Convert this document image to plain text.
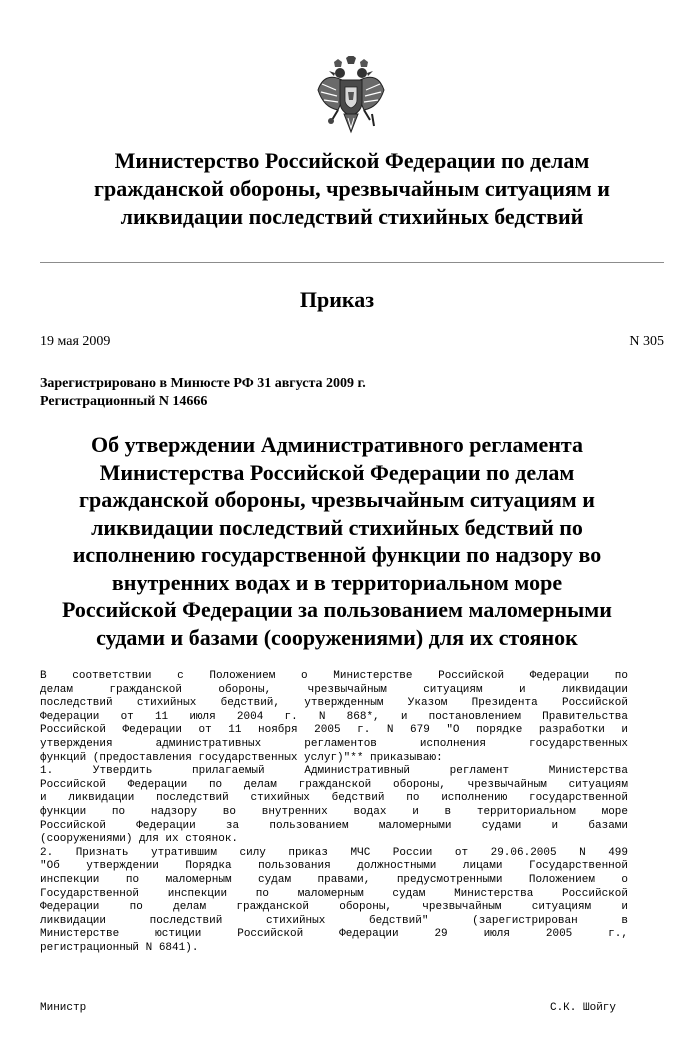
Министерство Российской Федерации по делам
гражданской обороны, чрезвычайным ситуациям и
ликвидации последствий стихийных бедствий
Приказ
19 мая 2009	N 305
Зарегистрировано в Минюсте РФ 31 августа 2009 г.
Регистрационный N 14666
Об утверждении Административного регламента
Министерства Российской Федерации по делам
гражданской обороны, чрезвычайным ситуациям и
ликвидации последствий стихийных бедствий по
исполнению государственной функции по надзору во
внутренних водах и в территориальном море
Российской Федерации за пользованием маломерными
судами и базами (сооружениями) для их стоянок
В соответствии с Положением о Министерстве Российской Федерации по
делам гражданской обороны, чрезвычайным ситуациям и ликвидации
последствий стихийных бедствий, утвержденным Указом Президента Российской
Федерации от 11 июля 2004 г. N 868*, и постановлением Правительства
Российской Федерации от 11 ноября 2005 г. N 679 "О порядке разработки и
утверждения административных регламентов исполнения государственных
функций (предоставления государственных услуг)"** приказываю:
1. Утвердить прилагаемый Административный регламент Министерства
Российской Федерации по делам гражданской обороны, чрезвычайным ситуациям
и ликвидации последствий стихийных бедствий по исполнению государственной
функции по надзору во внутренних водах и в территориальном море
Российской Федерации за пользованием маломерными судами и базами
(сооружениями) для их стоянок.
2. Признать утратившим силу приказ МЧС России от 29.06.2005 N 499
"Об утверждении Порядка пользования должностными лицами Государственной
инспекции по маломерным судам правами, предусмотренными Положением о
Государственной инспекции по маломерным судам Министерства Российской
Федерации по делам гражданской обороны, чрезвычайным ситуациям и
ликвидации последствий стихийных бедствий" (зарегистрирован в
Министерстве юстиции Российской Федерации 29 июля 2005 г.,
регистрационный N 6841).
Министр	С.К. Шойгу
